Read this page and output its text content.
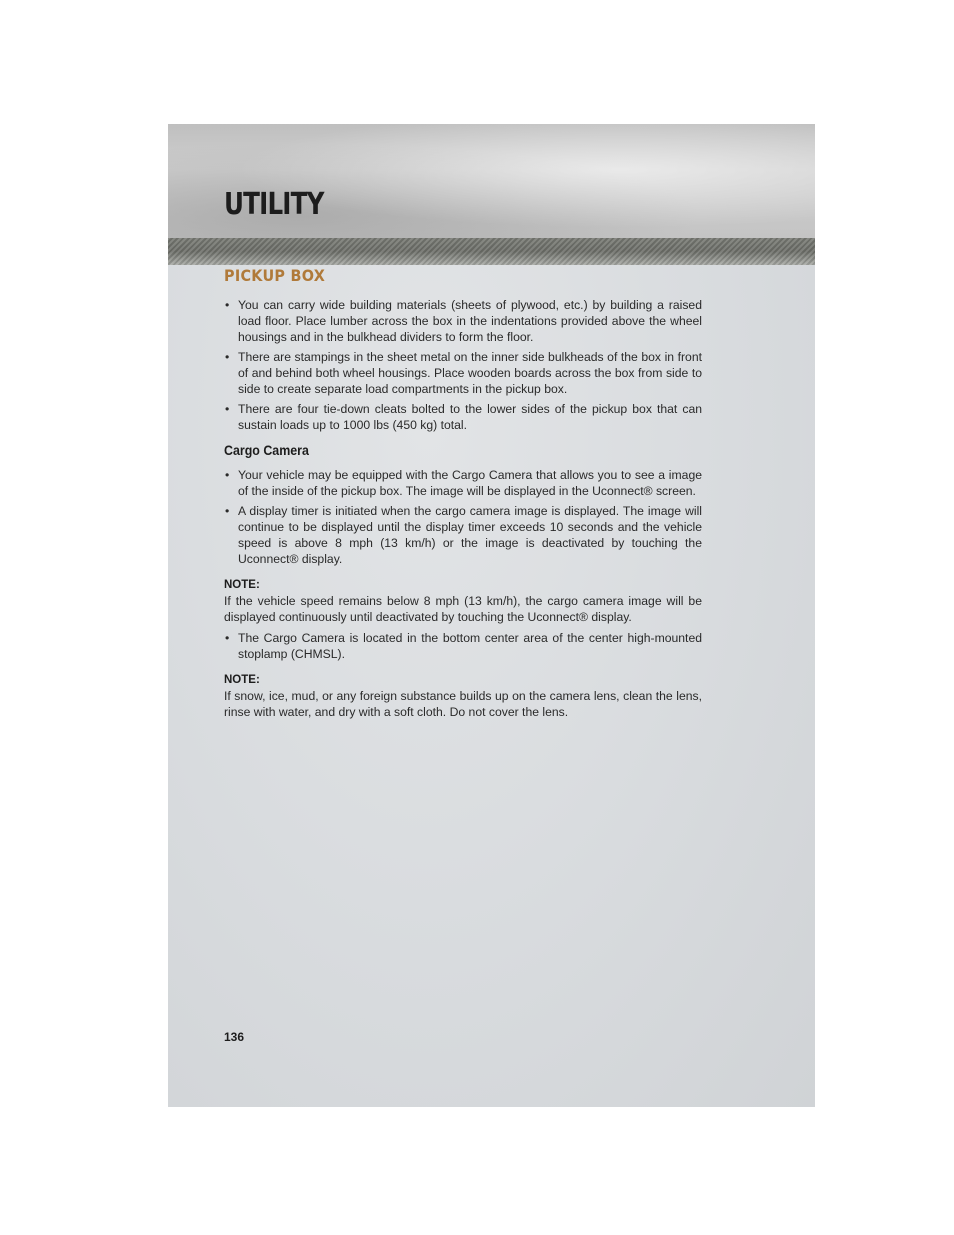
UTILITY
PICKUP BOX
• You can carry wide building materials (sheets of plywood, etc.) by building a raised load floor. Place lumber across the box in the indentations provided above the wheel housings and in the bulkhead dividers to form the floor.
• There are stampings in the sheet metal on the inner side bulkheads of the box in front of and behind both wheel housings. Place wooden boards across the box from side to side to create separate load compartments in the pickup box.
• There are four tie-down cleats bolted to the lower sides of the pickup box that can sustain loads up to 1000 lbs (450 kg) total.
Cargo Camera
• Your vehicle may be equipped with the Cargo Camera that allows you to see a image of the inside of the pickup box. The image will be displayed in the Uconnect® screen.
• A display timer is initiated when the cargo camera image is displayed. The image will continue to be displayed until the display timer exceeds 10 seconds and the vehicle speed is above 8 mph (13 km/h) or the image is deactivated by touching the Uconnect® display.
NOTE:
If the vehicle speed remains below 8 mph (13 km/h), the cargo camera image will be displayed continuously until deactivated by touching the Uconnect® display.
• The Cargo Camera is located in the bottom center area of the center high-mounted stoplamp (CHMSL).
NOTE:
If snow, ice, mud, or any foreign substance builds up on the camera lens, clean the lens, rinse with water, and dry with a soft cloth. Do not cover the lens.
136
